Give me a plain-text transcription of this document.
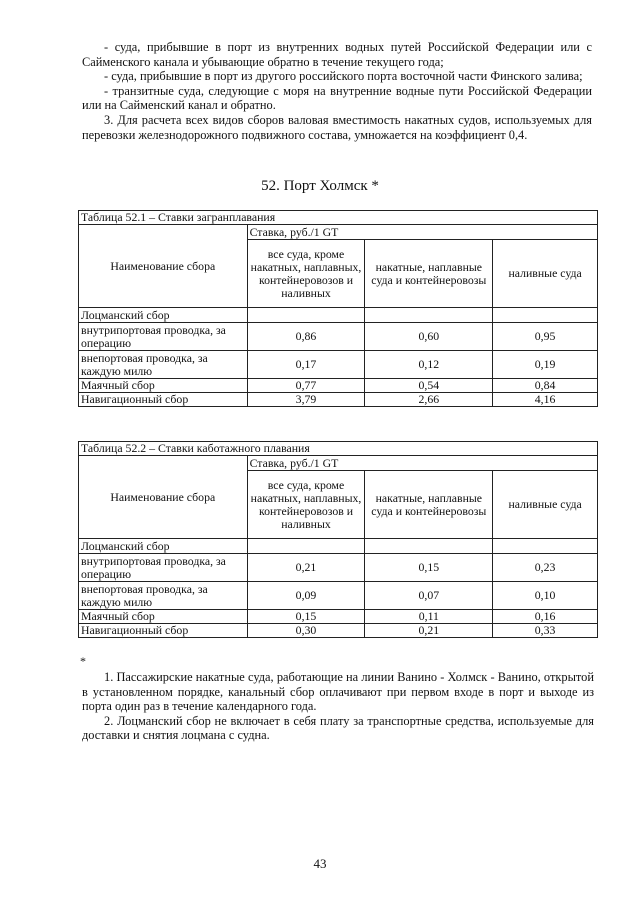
- суда, прибывшие в порт из внутренних водных путей Российской Федерации или с Сайменского канала и убывающие обратно в течение текущего года;

- суда, прибывшие в порт из другого российского порта восточной части Финского залива;

- транзитные суда, следующие с моря на внутренние водные пути Российской Федерации или на Сайменский канал и обратно.

3. Для расчета всех видов сборов валовая вместимость накатных судов, используемых для перевозки железнодорожного подвижного состава, умножается на коэффициент 0,4.

52. Порт Холмск *
Таблица 52.1 – Ставки загранплавания			
Наименование сбора	Ставка, руб./1 GT		
	все суда, кроме накатных, наплавных, контейнеровозов и наливных	накатные, наплавные суда и контейнеровозы	наливные суда
Лоцманский сбор			
внутрипортовая проводка, за операцию	0,86	0,60	0,95
внепортовая проводка, за каждую милю	0,17	0,12	0,19
Маячный сбор	0,77	0,54	0,84
Навигационный сбор	3,79	2,66	4,16
Таблица 52.2 – Ставки каботажного плавания			
Наименование сбора	Ставка, руб./1 GT		
	все суда, кроме накатных, наплавных, контейнеровозов и наливных	накатные, наплавные суда и контейнеровозы	наливные суда
Лоцманский сбор			
внутрипортовая проводка, за операцию	0,21	0,15	0,23
внепортовая проводка, за каждую милю	0,09	0,07	0,10
Маячный сбор	0,15	0,11	0,16
Навигационный сбор	0,30	0,21	0,33
*

1. Пассажирские накатные суда, работающие на линии Ванино - Холмск - Ванино, открытой в установленном порядке, канальный сбор оплачивают при первом входе в порт и выходе из порта один раз в течение календарного года.

2. Лоцманский сбор не включает в себя плату за транспортные средства, используемые для доставки и снятия лоцмана с судна.

43
